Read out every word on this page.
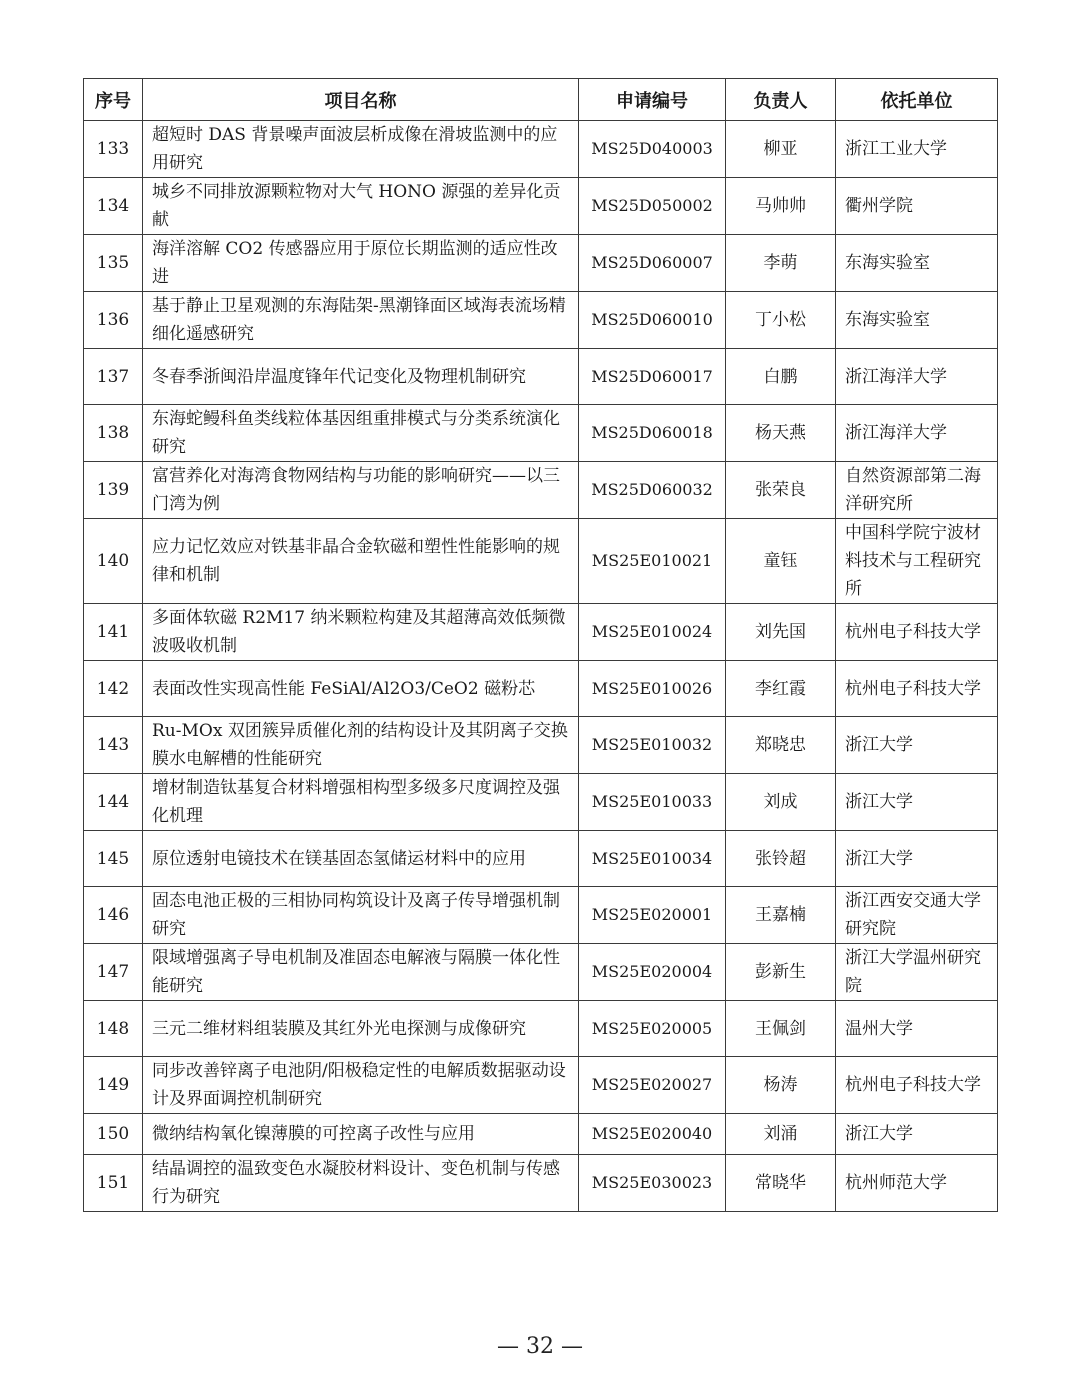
序号	项目名称	申请编号	负责人	依托单位
133	超短时 DAS 背景噪声面波层析成像在滑坡监测中的应用研究	MS25D040003	柳亚	浙江工业大学
134	城乡不同排放源颗粒物对大气 HONO 源强的差异化贡献	MS25D050002	马帅帅	衢州学院
135	海洋溶解 CO2 传感器应用于原位长期监测的适应性改进	MS25D060007	李萌	东海实验室
136	基于静止卫星观测的东海陆架-黑潮锋面区域海表流场精细化遥感研究	MS25D060010	丁小松	东海实验室
137	冬春季浙闽沿岸温度锋年代记变化及物理机制研究	MS25D060017	白鹏	浙江海洋大学
138	东海蛇鳗科鱼类线粒体基因组重排模式与分类系统演化研究	MS25D060018	杨天燕	浙江海洋大学
139	富营养化对海湾食物网结构与功能的影响研究——以三门湾为例	MS25D060032	张荣良	自然资源部第二海洋研究所
140	应力记忆效应对铁基非晶合金软磁和塑性性能影响的规律和机制	MS25E010021	童钰	中国科学院宁波材料技术与工程研究所
141	多面体软磁 R2M17 纳米颗粒构建及其超薄高效低频微波吸收机制	MS25E010024	刘先国	杭州电子科技大学
142	表面改性实现高性能 FeSiAl/Al2O3/CeO2 磁粉芯	MS25E010026	李红霞	杭州电子科技大学
143	Ru-MOx 双团簇异质催化剂的结构设计及其阴离子交换膜水电解槽的性能研究	MS25E010032	郑晓忠	浙江大学
144	增材制造钛基复合材料增强相构型多级多尺度调控及强化机理	MS25E010033	刘成	浙江大学
145	原位透射电镜技术在镁基固态氢储运材料中的应用	MS25E010034	张铃超	浙江大学
146	固态电池正极的三相协同构筑设计及离子传导增强机制研究	MS25E020001	王嘉楠	浙江西安交通大学研究院
147	限域增强离子导电机制及准固态电解液与隔膜一体化性能研究	MS25E020004	彭新生	浙江大学温州研究院
148	三元二维材料组装膜及其红外光电探测与成像研究	MS25E020005	王佩剑	温州大学
149	同步改善锌离子电池阴/阳极稳定性的电解质数据驱动设计及界面调控机制研究	MS25E020027	杨涛	杭州电子科技大学
150	微纳结构氧化镍薄膜的可控离子改性与应用	MS25E020040	刘涌	浙江大学
151	结晶调控的温致变色水凝胶材料设计、变色机制与传感行为研究	MS25E030023	常晓华	杭州师范大学
— 32 —
